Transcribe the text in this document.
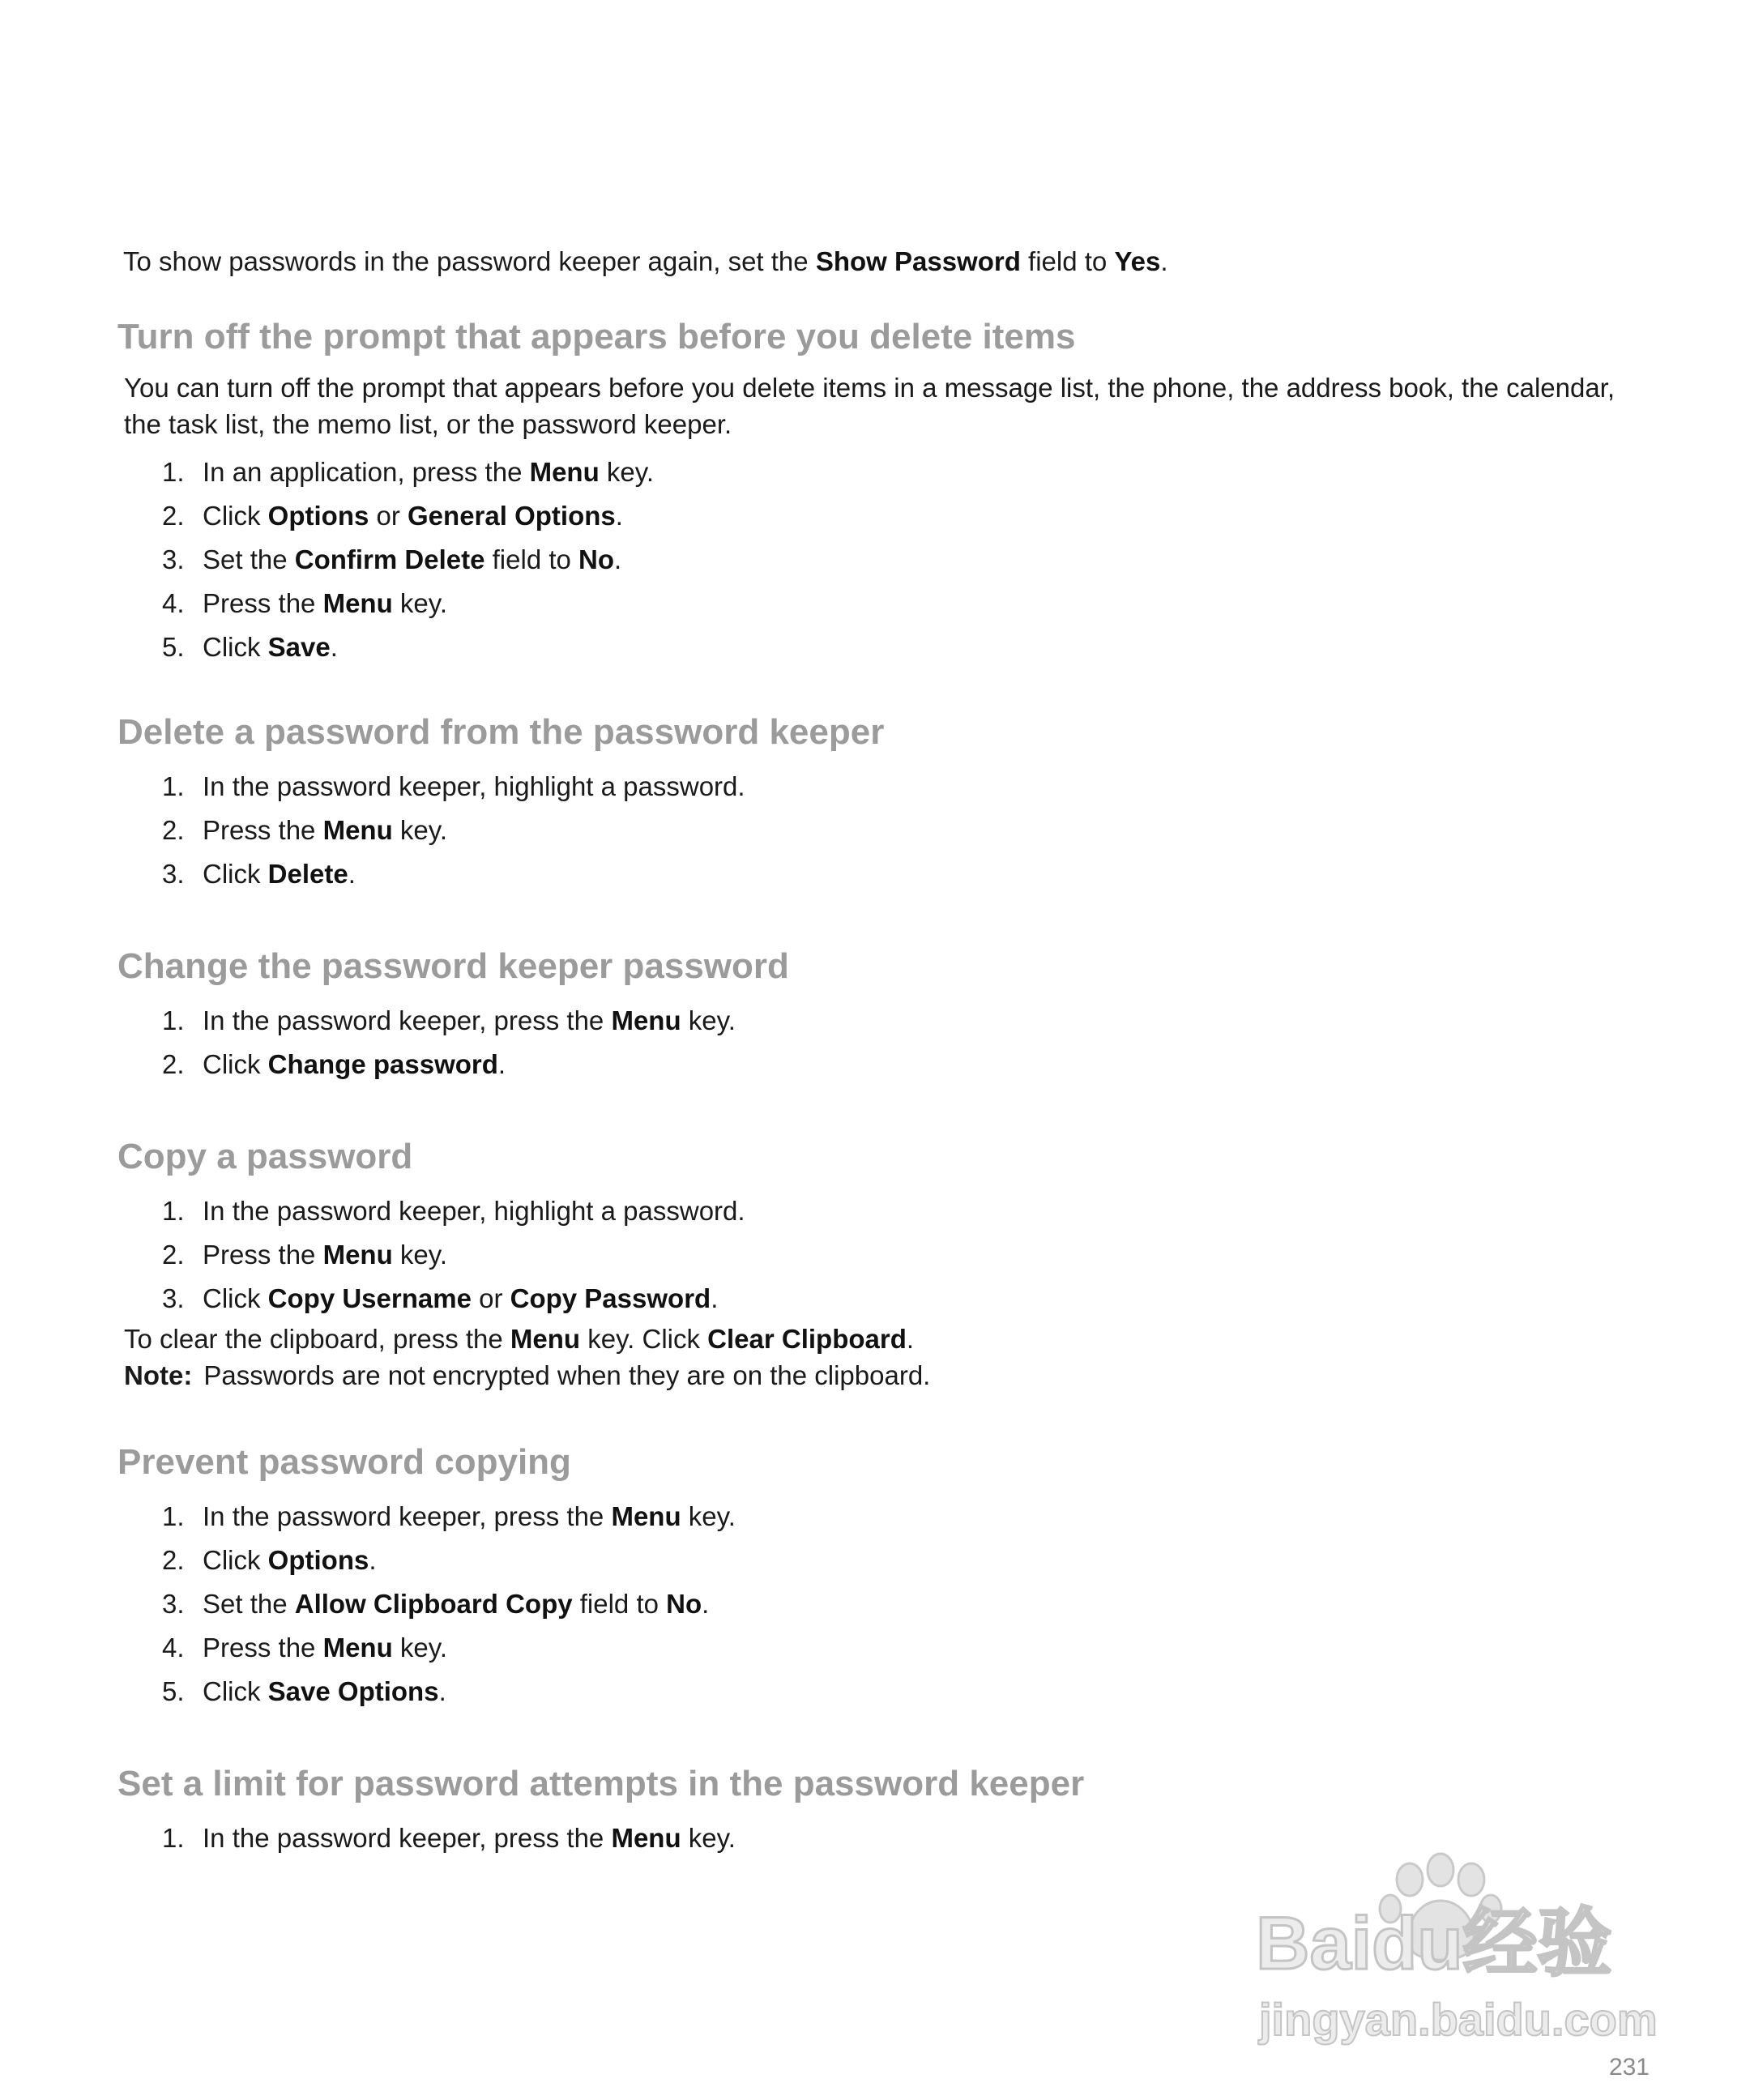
To show passwords in the password keeper again, set the Show Password field to Yes.

Turn off the prompt that appears before you delete items

You can turn off the prompt that appears before you delete items in a message list, the phone, the address book, the calendar, the task list, the memo list, or the password keeper.

1. In an application, press the Menu key.
2. Click Options or General Options.
3. Set the Confirm Delete field to No.
4. Press the Menu key.
5. Click Save.
Delete a password from the password keeper
1. In the password keeper, highlight a password.
2. Press the Menu key.
3. Click Delete.
Change the password keeper password
1. In the password keeper, press the Menu key.
2. Click Change password.
Copy a password
1. In the password keeper, highlight a password.
2. Press the Menu key.
3. Click Copy Username or Copy Password.

To clear the clipboard, press the Menu key. Click Clear Clipboard.

Note: Passwords are not encrypted when they are on the clipboard.

Prevent password copying
1. In the password keeper, press the Menu key.
2. Click Options.
3. Set the Allow Clipboard Copy field to No.
4. Press the Menu key.
5. Click Save Options.
Set a limit for password attempts in the password keeper
1. In the password keeper, press the Menu key.
Baidu经验
jingyan.baidu.com
231
